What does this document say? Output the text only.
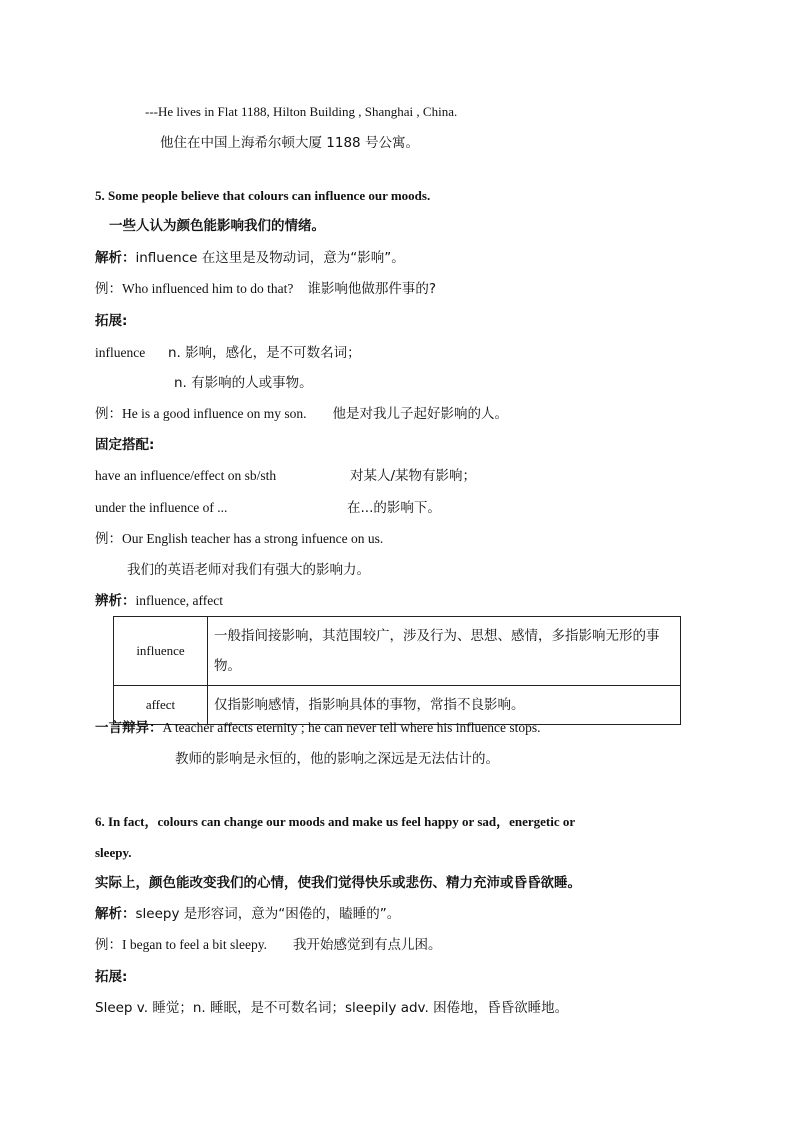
---He lives in Flat 1188, Hilton Building , Shanghai , China.
他住在中国上海希尔顿大厦 1188 号公寓。
5. Some people believe that colours can influence our moods.
一些人认为颜色能影响我们的情绪。
解析：influence 在这里是及物动词，意为“影响”。
例：Who influenced him to do that? 谁影响他做那件事的?
拓展:
influence n. 影响，感化，是不可数名词；
n. 有影响的人或事物。
例：He is a good influence on my son. 他是对我儿子起好影响的人。
固定搭配:
have an influence/effect on sb/sth	对某人/某物有影响；
under the influence of ...	在...的影响下。
例：Our English teacher has a strong infuence on us.
我们的英语老师对我们有强大的影响力。
辨析：influence, affect
influence	一般指间接影响，其范围较广，涉及行为、思想、感情，多指影响无形的事物。
affect	仅指影响感情，指影响具体的事物，常指不良影响。
一言辩异：A teacher affects eternity ; he can never tell where his influence stops.
教师的影响是永恒的，他的影响之深远是无法估计的。
6. In fact，colours can change our moods and make us feel happy or sad，energetic or
sleepy.
实际上，颜色能改变我们的心情，使我们觉得快乐或悲伤、精力充沛或昏昏欲睡。
解析：sleepy 是形容词，意为“困倦的，瞌睡的”。
例：I began to feel a bit sleepy. 我开始感觉到有点儿困。
拓展:
Sleep v. 睡觉；n. 睡眠，是不可数名词；sleepily adv. 困倦地，昏昏欲睡地。
